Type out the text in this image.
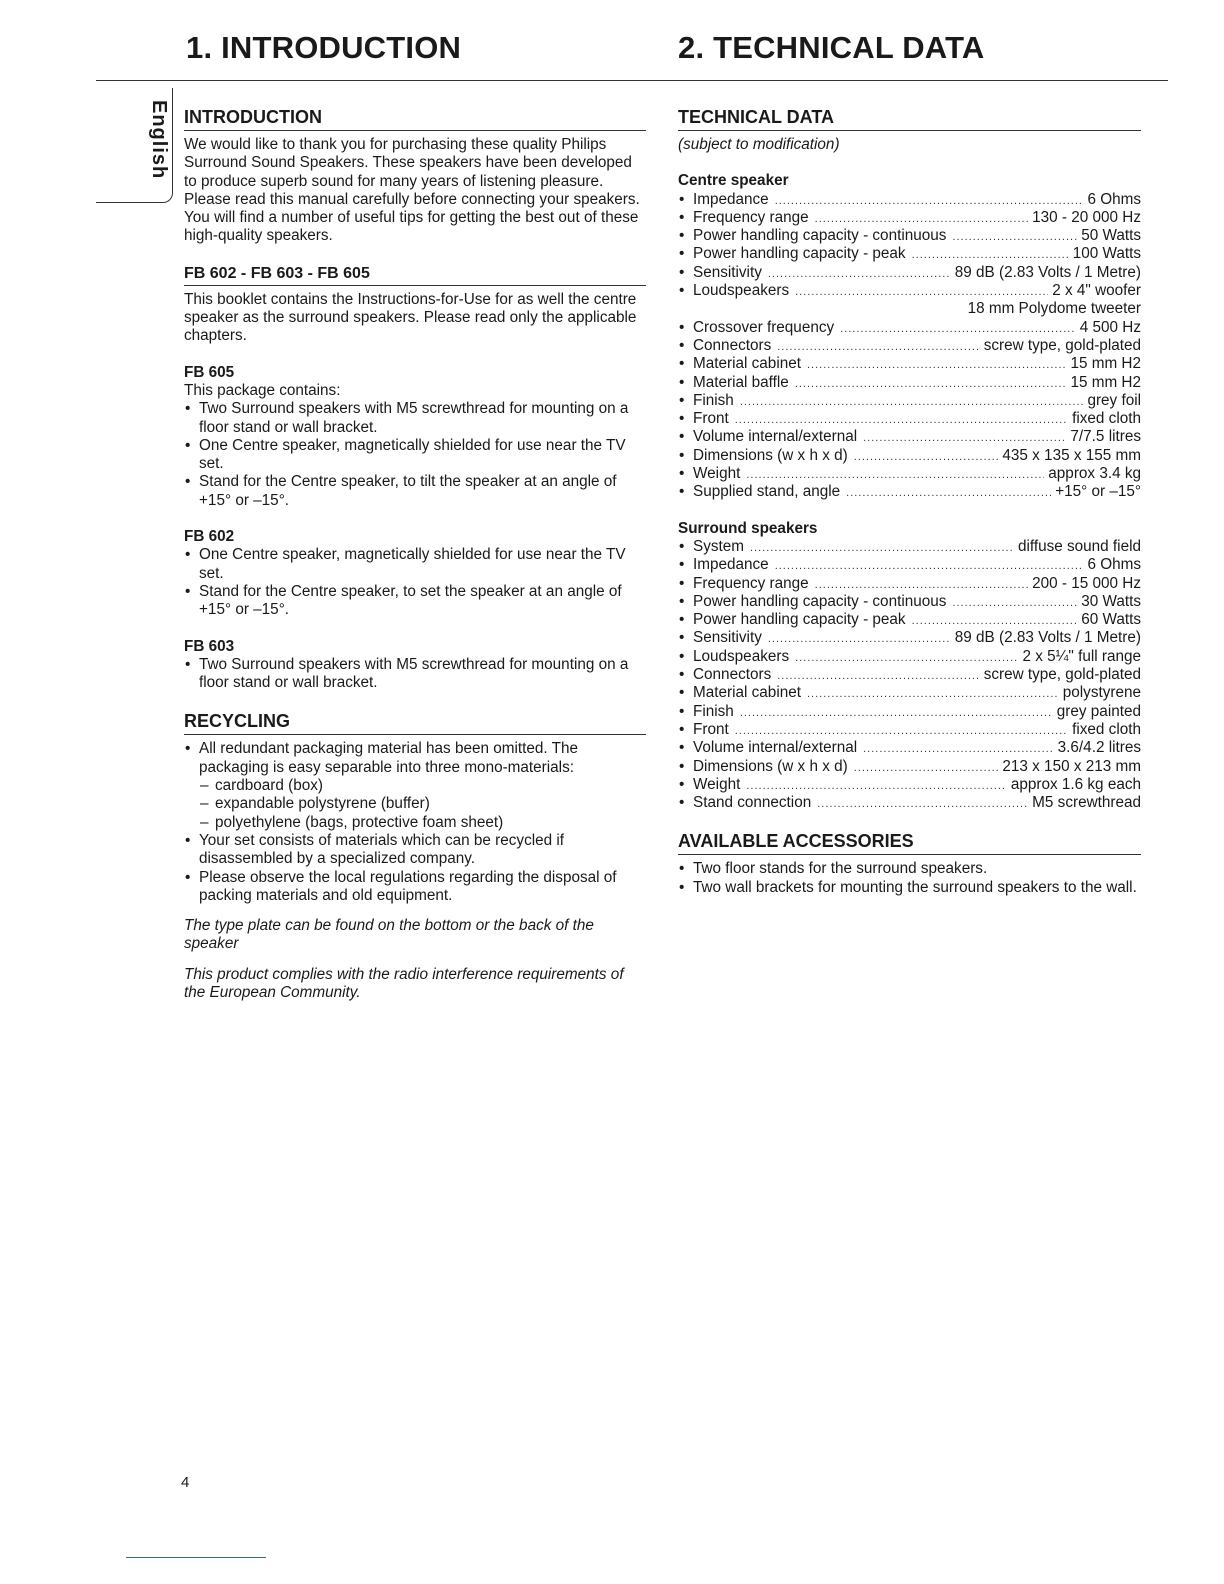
1. INTRODUCTION	2. TECHNICAL DATA
English INTRODUCTION

We would like to thank you for purchasing these quality Philips Surround Sound Speakers. These speakers have been developed to produce superb sound for many years of listening pleasure.

Please read this manual carefully before connecting your speakers. You will find a number of useful tips for getting the best out of these high-quality speakers.

FB 602 - FB 603 - FB 605

This booklet contains the Instructions-for-Use for as well the centre speaker as the surround speakers. Please read only the applicable chapters.

FB 605

This package contains:

• Two Surround speakers with M5 screwthread for mounting on a floor stand or wall bracket.
• One Centre speaker, magnetically shielded for use near the TV set.
• Stand for the Centre speaker, to tilt the speaker at an angle of +15° or –15°.

FB 602

• One Centre speaker, magnetically shielded for use near the TV set.
• Stand for the Centre speaker, to set the speaker at an angle of +15° or –15°.

FB 603

• Two Surround speakers with M5 screwthread for mounting on a floor stand or wall bracket.
RECYCLING
• All redundant packaging material has been omitted. The packaging is easy separable into three mono-materials:
– cardboard (box)
– expandable polystyrene (buffer)
– polyethylene (bags, protective foam sheet)
• Your set consists of materials which can be recycled if disassembled by a specialized company.
• Please observe the local regulations regarding the disposal of packing materials and old equipment.

The type plate can be found on the bottom or the back of the speaker

This product complies with the radio interference requirements of the European Community.

TECHNICAL DATA

(subject to modification)

Centre speaker

• Impedance .....	6 Ohms
• Frequency range .....	130 - 20 000 Hz
• Power handling capacity - continuous .....	50 Watts
• Power handling capacity - peak .....	100 Watts
• Sensitivity .....	89 dB (2.83 Volts / 1 Metre)
• Loudspeakers .....	2 x 4" woofer
18 mm Polydome tweeter
• Crossover frequency .....	4 500 Hz
• Connectors .....	screw type, gold-plated
• Material cabinet .....	15 mm H2
• Material baffle .....	15 mm H2
• Finish .....	grey foil
• Front .....	fixed cloth
• Volume internal/external .....	7/7.5 litres
• Dimensions (w x h x d) .....	435 x 135 x 155 mm
• Weight .....	approx 3.4 kg
• Supplied stand, angle .....	+15° or –15°

Surround speakers

• System .....	diffuse sound field
• Impedance .....	6 Ohms
• Frequency range .....	200 - 15 000 Hz
• Power handling capacity - continuous .....	30 Watts
• Power handling capacity - peak .....	60 Watts
• Sensitivity .....	89 dB (2.83 Volts / 1 Metre)
• Loudspeakers .....	2 x 5¼" full range
• Connectors .....	screw type, gold-plated
• Material cabinet .....	polystyrene
• Finish .....	grey painted
• Front .....	fixed cloth
• Volume internal/external .....	3.6/4.2 litres
• Dimensions (w x h x d) .....	213 x 150 x 213 mm
• Weight .....	approx 1.6 kg each
• Stand connection .....	M5 screwthread
AVAILABLE ACCESSORIES
• Two floor stands for the surround speakers.
• Two wall brackets for mounting the surround speakers to the wall.
4
